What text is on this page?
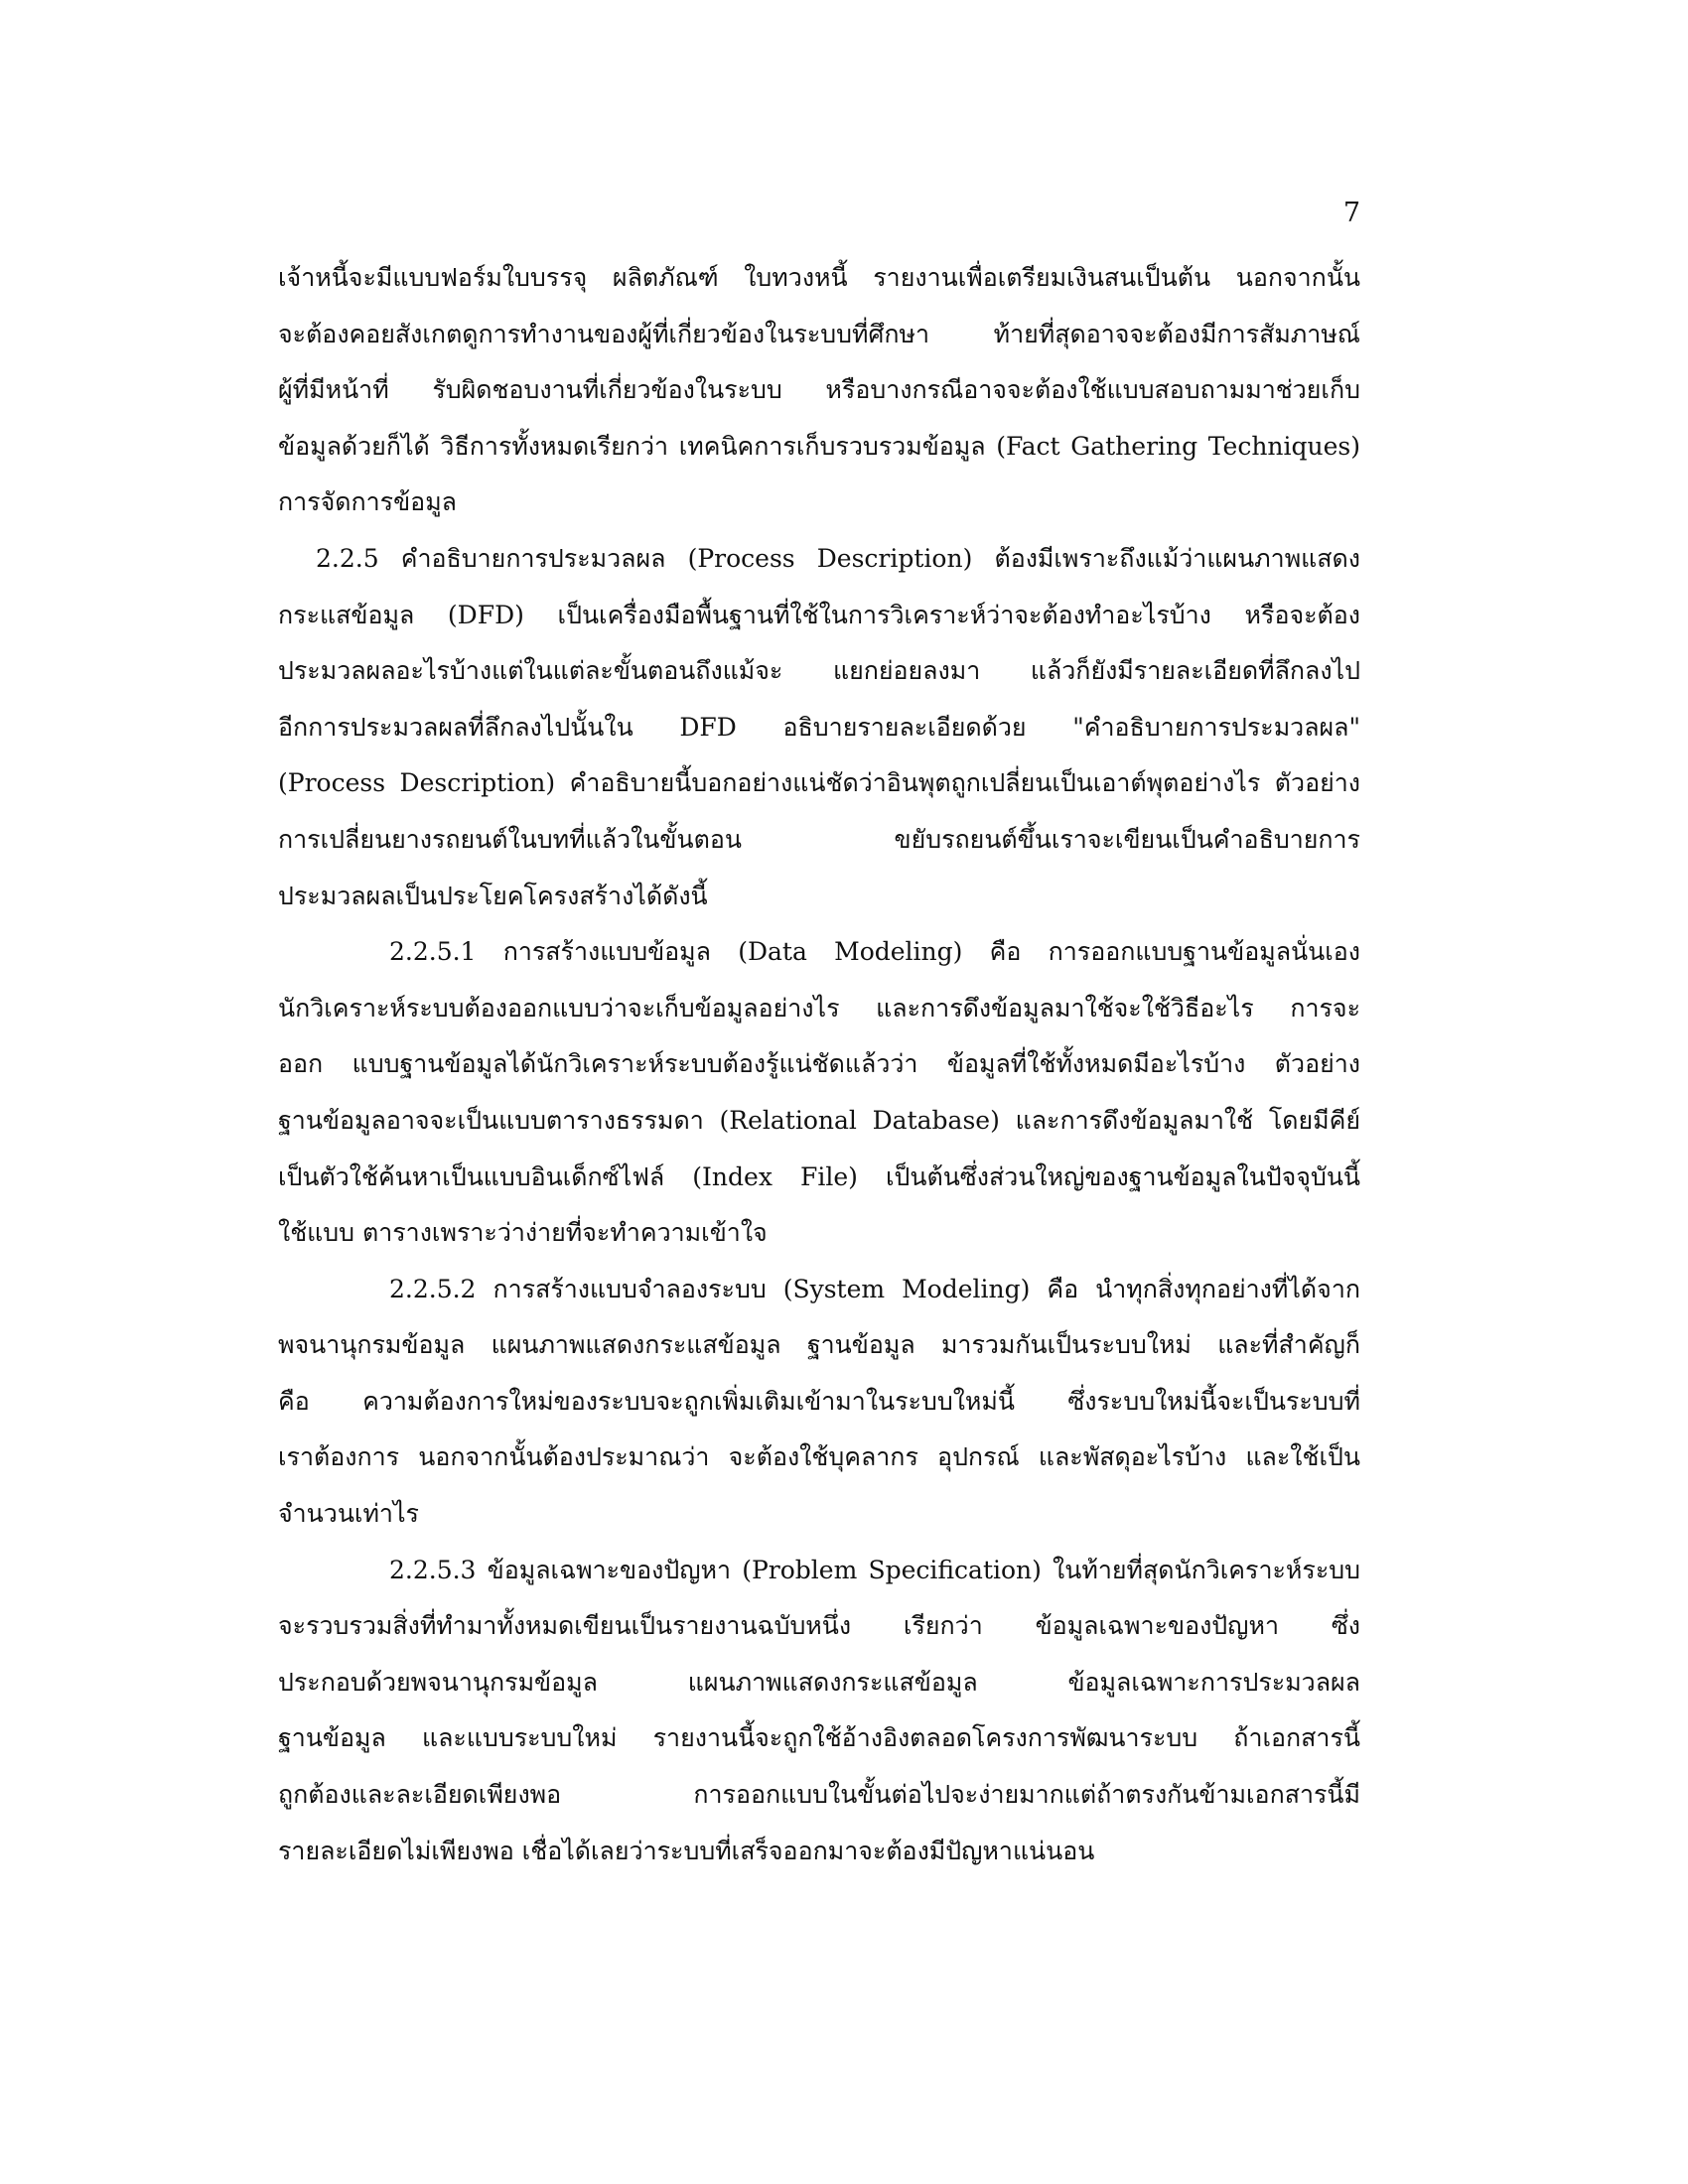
7
เจ้าหนี้จะมีแบบฟอร์มใบบรรจุ ผลิตภัณฑ์ ใบทวงหนี้ รายงานเพื่อเตรียมเงินสนเป็นต้น นอกจากนั้น
จะต้องคอยสังเกตดูการทำงานของผู้ที่เกี่ยวข้องในระบบที่ศึกษา ท้ายที่สุดอาจจะต้องมีการสัมภาษณ์
ผู้ที่มีหน้าที่ รับผิดชอบงานที่เกี่ยวข้องในระบบ หรือบางกรณีอาจจะต้องใช้แบบสอบถามมาช่วยเก็บ
ข้อมูลด้วยก็ได้ วิธีการทั้งหมดเรียกว่า เทคนิคการเก็บรวบรวมข้อมูล (Fact Gathering Techniques)
การจัดการข้อมูล
2.2.5 คำอธิบายการประมวลผล (Process Description) ต้องมีเพราะถึงแม้ว่าแผนภาพแสดง
กระแสข้อมูล (DFD) เป็นเครื่องมือพื้นฐานที่ใช้ในการวิเคราะห์ว่าจะต้องทำอะไรบ้าง หรือจะต้อง
ประมวลผลอะไรบ้างแต่ในแต่ละขั้นตอนถึงแม้จะ แยกย่อยลงมา แล้วก็ยังมีรายละเอียดที่ลึกลงไป
อีกการประมวลผลที่ลึกลงไปนั้นใน DFD อธิบายรายละเอียดด้วย "คำอธิบายการประมวลผล"
(Process Description) คำอธิบายนี้บอกอย่างแน่ชัดว่าอินพุตถูกเปลี่ยนเป็นเอาต์พุตอย่างไร ตัวอย่าง
การเปลี่ยนยางรถยนต์ในบทที่แล้วในขั้นตอน ขยับรถยนต์ขึ้นเราจะเขียนเป็นคำอธิบายการ
ประมวลผลเป็นประโยคโครงสร้างได้ดังนี้
2.2.5.1 การสร้างแบบข้อมูล (Data Modeling) คือ การออกแบบฐานข้อมูลนั่นเอง
นักวิเคราะห์ระบบต้องออกแบบว่าจะเก็บข้อมูลอย่างไร และการดึงข้อมูลมาใช้จะใช้วิธีอะไร การจะ
ออก แบบฐานข้อมูลได้นักวิเคราะห์ระบบต้องรู้แน่ชัดแล้วว่า ข้อมูลที่ใช้ทั้งหมดมีอะไรบ้าง ตัวอย่าง
ฐานข้อมูลอาจจะเป็นแบบตารางธรรมดา (Relational Database) และการดึงข้อมูลมาใช้ โดยมีคีย์
เป็นตัวใช้ค้นหาเป็นแบบอินเด็กซ์ไฟล์ (Index File) เป็นต้นซึ่งส่วนใหญ่ของฐานข้อมูลในปัจจุบันนี้
ใช้แบบ ตารางเพราะว่าง่ายที่จะทำความเข้าใจ
2.2.5.2 การสร้างแบบจำลองระบบ (System Modeling) คือ นำทุกสิ่งทุกอย่างที่ได้จาก
พจนานุกรมข้อมูล แผนภาพแสดงกระแสข้อมูล ฐานข้อมูล มารวมกันเป็นระบบใหม่ และที่สำคัญก็
คือ ความต้องการใหม่ของระบบจะถูกเพิ่มเติมเข้ามาในระบบใหม่นี้ ซึ่งระบบใหม่นี้จะเป็นระบบที่
เราต้องการ นอกจากนั้นต้องประมาณว่า จะต้องใช้บุคลากร อุปกรณ์ และพัสดุอะไรบ้าง และใช้เป็น
จำนวนเท่าไร
2.2.5.3 ข้อมูลเฉพาะของปัญหา (Problem Specification) ในท้ายที่สุดนักวิเคราะห์ระบบ
จะรวบรวมสิ่งที่ทำมาทั้งหมดเขียนเป็นรายงานฉบับหนึ่ง เรียกว่า ข้อมูลเฉพาะของปัญหา ซึ่ง
ประกอบด้วยพจนานุกรมข้อมูล แผนภาพแสดงกระแสข้อมูล ข้อมูลเฉพาะการประมวลผล
ฐานข้อมูล และแบบระบบใหม่ รายงานนี้จะถูกใช้อ้างอิงตลอดโครงการพัฒนาระบบ ถ้าเอกสารนี้
ถูกต้องและละเอียดเพียงพอ การออกแบบในขั้นต่อไปจะง่ายมากแต่ถ้าตรงกันข้ามเอกสารนี้มี
รายละเอียดไม่เพียงพอ เชื่อได้เลยว่าระบบที่เสร็จออกมาจะต้องมีปัญหาแน่นอน
